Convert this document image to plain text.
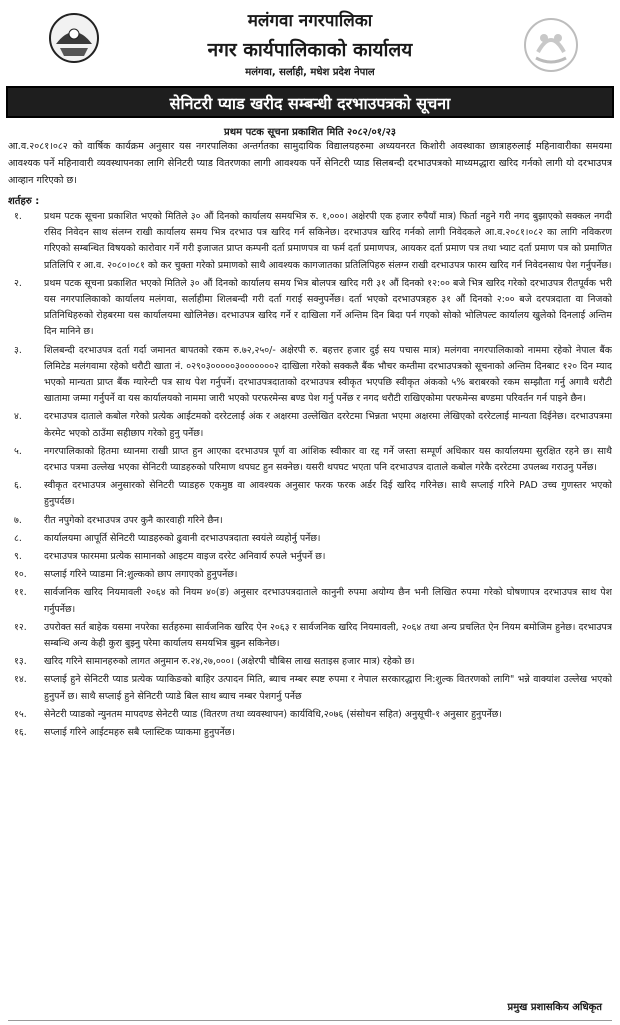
मलंगवा नगरपालिका
नगर कार्यपालिकाको कार्यालय
मलंगवा, सर्लाही, मधेश प्रदेश नेपाल
सेनिटरी प्याड खरीद सम्बन्धी दरभाउपत्रको सूचना
प्रथम पटक सूचना प्रकाशित मिति २०८२/०१/२३
आ.व.२०८१।०८२ को वार्षिक कार्यक्रम अनुसार यस नगरपालिका अन्तर्गतका सामुदायिक विद्यालयहरुमा अध्ययनरत किशोरी अवस्थाका छात्राहरुलाई महिनावारीका समयमा आवश्यक पर्ने महिनावारी व्यवस्थापनका लागि सेनिटरी प्याड वितरणका लागी आवश्यक पर्ने सेनिटरी प्याड सिलबन्दी दरभाउपत्रको माध्यमद्धारा खरिद गर्नको लागी यो दरभाउपत्र आव्हान गरिएको छ।
शर्तहरु :
१. प्रथम पटक सूचना प्रकाशित भएको मितिले ३० औं दिनको कार्यालय समयभित्र रु. १,०००। अक्षेरपी एक हजार रुपैयाँ मात्र) फिर्ता नहुने गरी नगद बुझाएको सक्कल नगदी रसिद निवेदन साथ संलग्न राखी कार्यालय समय भित्र दरभाउ पत्र खरिद गर्न सकिनेछ। दरभाउपत्र खरिद गर्नको लागी निवेदकले आ.व.२०८१।०८२ का लागि नविकरण गरिएको सम्बन्धित विषयको कारोवार गर्ने गरी इजाजत प्राप्त कम्पनी दर्ता प्रमाणपत्र वा फर्म दर्ता प्रमाणपत्र, आयकर दर्ता प्रमाण पत्र तथा भ्याट दर्ता प्रमाण पत्र को प्रमाणित प्रतिलिपि र आ.व. २०८०।०८१ को कर चुक्ता गरेको प्रमाणको साथै आवश्यक कागजातका प्रतिलिपिहरु संलग्न राखी दरभाउपत्र फारम खरिद गर्न निवेदनसाथ पेश गर्नुपर्नेछ।
२. प्रथम पटक सूचना प्रकाशित भएको मितिले ३० औं दिनको कार्यालय समय भित्र बोलपत्र खरिद गरी ३१ औं दिनको १२:०० बजे भित्र खरिद गरेको दरभाउपत्र रीतपूर्वक भरी यस नगरपालिकाको कार्यालय मलंगवा, सर्लाहीमा शिलबन्दी गरी दर्ता गराई सक्नुपर्नेछ। दर्ता भएको दरभाउपत्रहरु ३१ औं दिनको २:०० बजे दरपत्रदाता वा निजको प्रतिनिधिहरुको रोहबरमा यस कार्यालयमा खोलिनेछ। दरभाउपत्र खरिद गर्ने र दाखिला गर्ने अन्तिम दिन बिदा पर्न गएको सोको भोलिपल्ट कार्यालय खुलेको दिनलाई अन्तिम दिन मानिने छ।
३. शिलबन्दी दरभाउपत्र दर्ता गर्दा जमानत बापतको रकम रु.७२,२५०/- अक्षेरपी रु. बहत्तर हजार दुई सय पचास मात्र) मलंगवा नगरपालिकाको नाममा रहेको नेपाल बैंक लिमिटेड मलंगवामा रहेको धरौटी खाता नं. ०२९०३०००००३०००००००२ दाखिला गरेको सक्कलै बैंक भौचर कम्तीमा दरभाउपत्रको सूचनाको अन्तिम दिनबाट १२० दिन म्याद भएको मान्यता प्राप्त बैंक ग्यारेन्टी पत्र साथ पेश गर्नुपर्ने। दरभाउपत्रदाताको दरभाउपत्र स्वीकृत भएपछि स्वीकृत अंकको ५% बराबरको रकम सम्झौता गर्नु अगावै धरौटी खातामा जम्मा गर्नुपर्ने वा यस कार्यालयको नाममा जारी भएको परफरमेन्स बण्ड पेश गर्नु पर्नेछ र नगद धरौटी राखिएकोमा परफमेन्स बण्डमा परिवर्तन गर्न पाइने छैन।
४. दरभाउपत्र दाताले कबोल गरेको प्रत्येक आईटमको दररेटलाई अंक र अक्षरमा उल्लेखित दररेटमा भिन्नता भएमा अक्षरमा लेखिएको दररेटलाई मान्यता दिईनेछ। दरभाउपत्रमा केरमेट भएको ठाउँमा सहीछाप गरेको हुनु पर्नेछ।
५. नगरपालिकाको हितमा ध्यानमा राखी प्राप्त हुन आएका दरभाउपत्र पूर्ण वा आंशिक स्वीकार वा रद्द गर्ने जस्ता सम्पूर्ण अधिकार यस कार्यालयमा सुरक्षित रहने छ। साथै दरभाउ पत्रमा उल्लेख भएका सेनिटरी प्याडहरुको परिमाण थपघट हुन सक्नेछ। यसरी थपघट भएता पनि दरभाउपत्र दाताले कबोल गरेकै दररेटमा उपलब्ध गराउनु पर्नेछ।
६. स्वीकृत दरभाउपत्र अनुसारको सेनिटरी प्याडहरु एकमुष्ठ वा आवश्यक अनुसार फरक फरक अर्डर दिई खरिद गरिनेछ। साथै सप्लाई गरिने PAD उच्च गुणस्तर भएको हुनुपर्दछ।
७. रीत नपुगेको दरभाउपत्र उपर कुनै कारवाही गरिने छैन।
८. कार्यालयमा आपूर्ति सेनिटरी प्याडहरुको ढुवानी दरभाउपत्रदाता स्वयंले व्यहोर्नु पर्नेछ।
९. दरभाउपत्र फारममा प्रत्येक सामानको आइटम वाइज दररेट अनिवार्य रुपले भर्नुपर्ने छ।
१०. सप्लाई गरिने प्याडमा नि:शुल्कको छाप लगाएको हुनुपर्नेछ।
११. सार्वजनिक खरिद नियमावली २०६४ को नियम ४०(ङ) अनुसार दरभाउपत्रदाताले कानुनी रुपमा अयोग्य छैन भनी लिखित रुपमा गरेको घोषणापत्र दरभाउपत्र साथ पेश गर्नुपर्नेछ।
१२. उपरोक्त सर्त बाहेक यसमा नपरेका सर्तहरुमा सार्वजनिक खरिद ऐन २०६३ र सार्वजनिक खरिद नियमावली, २०६४ तथा अन्य प्रचलित ऐन नियम बमोजिम हुनेछ। दरभाउपत्र सम्बन्धि अन्य केही कुरा बुझ्नु परेमा कार्यालय समयभित्र बुझ्न सकिनेछ।
१३. खरिद गरिने सामानहरुको लागत अनुमान रु.२४,२७,०००। (अक्षेरपी चौबिस लाख सताइस हजार मात्र) रहेको छ।
१४. सप्लाई हुने सेनिटरी प्याड प्रत्येक प्याकिङको बाहिर उत्पादन मिति, ब्याच नम्बर स्पष्ट रुपमा र नेपाल सरकारद्धारा नि:शुल्क वितरणको लागि" भन्ने वाक्यांश उल्लेख भएको हुनुपर्ने छ। साथै सप्लाई हुने सेनिटरी प्याडे बिल साथ ब्याच नम्बर पेशगर्नु पर्नेछ
१५. सेनेटरी प्याडको न्युनतम मापदण्ड सेनेटरी प्याड (वितरण तथा व्यवस्थापन) कार्यविधि,२०७६ (संसोधन सहित) अनुसूची-१ अनुसार हुनुपर्नेछ।
१६. सप्लाई गरिने आईटमहरु सबै प्लास्टिक प्याकमा हुनुपर्नेछ।
प्रमुख प्रशासकिय अधिकृत
